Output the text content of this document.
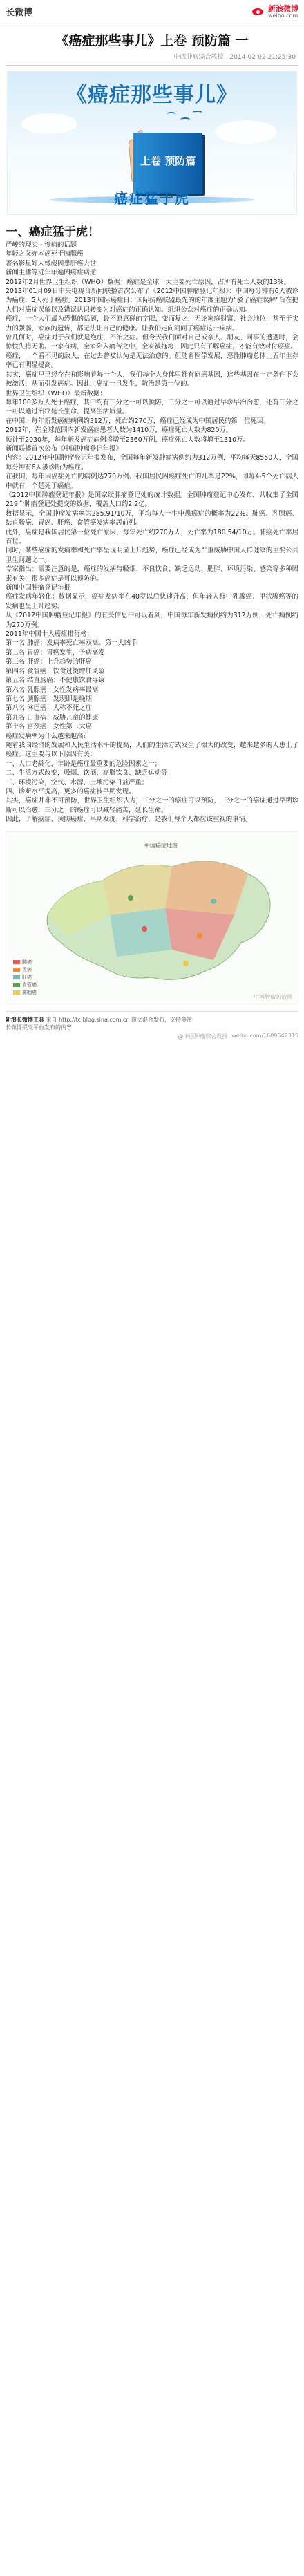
长微博	新浪微博
weibo.com
《癌症那些事儿》上卷 预防篇 一
中西肿瘤综合教授　2014-02-02 21:25:30
《癌症那些事儿》
上卷 预防篇
癌症猛于虎
一、癌症猛于虎！

严峻的现实 - 惨痛的话题

年轻之父亦本癌死于胰腺癌

著名影星好人傅彪因患肝癌去世

新闻主播等近年年遍因癌症病逝

2012年2月世界卫生组织（WHO）数据：癌症是全球一大主要死亡原因，占所有死亡人数的13%。

2013年01月09日中央电视台新闻联播首次公布了《2012中国肿瘤登记年报》：中国每分钟有6人被诊为癌症，5人死于癌症。2013年国际癌症日：国际抗癌联盟最先的的年度主题为“驳了癌症误解”旨在把人们对癌症误解以及错误认识转变为对癌症的正确认知。组织公众对癌症的正确认知。

癌症，一个人们最为恐惧的话题，最不愿意碰的字眼，变而复之，无论家庭财富、社会地位，甚至于实力的强弱，家族的遗传，都无法让自己的健康。让我们走向问问了癌症这一疾病。

曾几何时，癌症对于我们就是绝症，不治之症。但今天我们面对自己或亲人、朋友、同事的遭遇时，会惊慌失措无助。一家有病，全家陷入痛苦之中，全家被拖垮，因此只有了解癌症，才能有效对付癌症。

癌症，一个看不见的敌人，在过去曾被认为是无法治愈的。但随着医学发展，恶性肿瘤总体上五年生存率已有明显提高。

其实，癌症早已经存在和影响着每一个人，我们每个人身体里都有原癌基因，这些基因在一定条件下会被激活，从而引发癌症。因此，癌症一旦发生，防治是第一位的。

世界卫生组织（WHO）最新数据：

每年100多万人死于癌症，其中约有三分之一可以预防，三分之一可以通过早诊早治治愈，还有三分之一可以通过治疗延长生命、提高生活质量。

在中国，每年新发癌症病例约312万，死亡约270万，癌症已经成为中国居民的第一位死因。

2012年，在全球范围内新发癌症患者人数为1410万，癌症死亡人数为820万。

预计至2030年，每年新发癌症病例将增至2360万例，癌症死亡人数将增至1310万。

新闻联播首次公布《中国肿瘤登记年报》

内容：2012年中国肿瘤登记年报发布，全国每年新发肿瘤病例约为312万例，平均每天8550人，全国每分钟有6人被诊断为癌症。

在我国，每年因癌症死亡的病例达270万例。我国居民因癌症死亡的几率是22%，即每4-5个死亡病人中就有一个是死于癌症。

《2012中国肿瘤登记年报》是国家级肿瘤登记处的统计数据。全国肿瘤登记中心发布，共收集了全国219个肿瘤登记处提交的数据，覆盖人口约2.2亿。

数据显示，全国肿瘤发病率为285.91/10万，平均每人一生中患癌症的概率为22%。肺癌、乳腺癌、结直肠癌、胃癌、肝癌、食管癌发病率居前列。

此外，癌症是我国居民第一位死亡原因，每年死亡约270万人，死亡率为180.54/10万。肺癌死亡率居首位。

同时，某些癌症的发病率和死亡率呈现明显上升趋势，癌症已经成为严重威胁中国人群健康的主要公共卫生问题之一。

专家指出：需要注意的是，癌症的发病与吸烟、不良饮食、缺乏运动、肥胖、环境污染、感染等多种因素有关，很多癌症是可以预防的。

新闻中国肿瘤登记年报

癌症发病年轻化：数据显示，癌症发病率在40岁以后快速升高，但年轻人群中乳腺癌、甲状腺癌等的发病也呈上升趋势。

从《2012中国肿瘤登记年报》的有关信息中可以看到，中国每年新发病例约为312万例，死亡病例约为270万例。

2011年中国十大癌症排行榜：

第一名 肺癌：发病率死亡率双高。第一大凶手

第二名 胃癌：胃癌发生，予病高发

第三名 肝癌：上升趋势的肝癌

第四名 食管癌：饮食过烫增加风险

第五名 结直肠癌：不健康饮食导致

第六名 乳腺癌：女性发病率最高

第七名 胰腺癌：发现即是晚期

第八名 淋巴癌：人称不死之症

第九名 白血病：威胁儿童的健康

第十名 宫颈癌：女性第二大癌

癌症发病率为什么越来越高？

随着我国经济的发展和人民生活水平的提高，人们的生活方式发生了很大的改变，越来越多的人患上了癌症。这主要与以下原因有关：

一、人口老龄化，年龄是癌症最重要的危险因素之一；

二、生活方式改变，吸烟、饮酒、高脂饮食、缺乏运动等；

三、环境污染，空气、水源、土壤污染日益严重；

四、诊断水平提高，更多的癌症被早期发现。

其实，癌症并非不可预防，世界卫生组织认为，三分之一的癌症可以预防，三分之一的癌症通过早期诊断可以治愈，三分之一的癌症可以减轻痛苦，延长生命。

因此，了解癌症、预防癌症、早期发现、科学治疗，是我们每个人都应该重视的事情。

中国癌症地图
肺癌
胃癌
肝癌
食管癌
鼻咽癌
中国肿瘤防治网
新浪长微博工具 来自 http://tc.blog.sina.com.cn 图文混合发布，支持多图
长微博提交平台发布的内容
@中西肿瘤综合教授 weibo.com/1609542315
